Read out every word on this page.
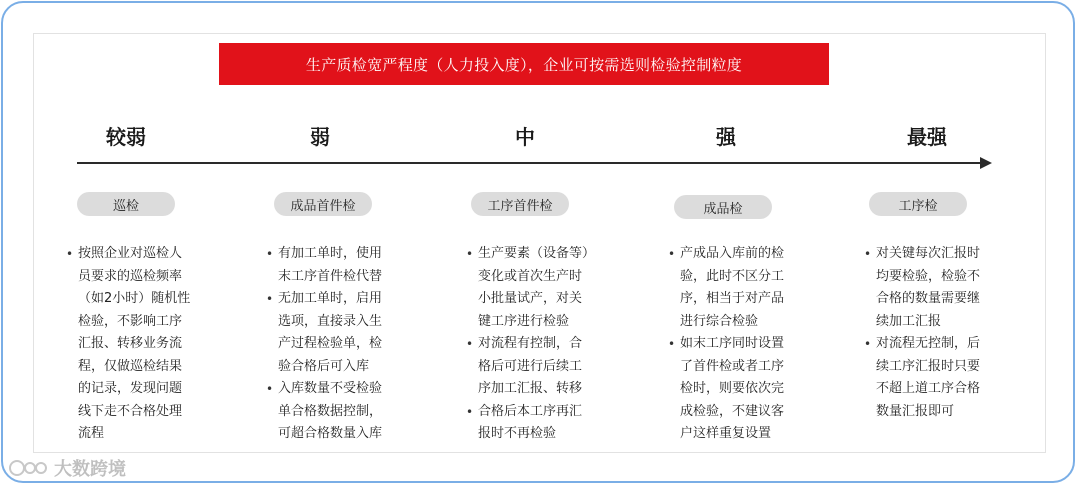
生产质检宽严程度（人力投入度），企业可按需选则检验控制粒度
较弱	弱	中	强	最强
巡检	成品首件检	工序首件检	成品检	工序检
• 按照企业对巡检人员要求的巡检频率（如2小时）随机性检验，不影响工序汇报、转移业务流程，仅做巡检结果的记录，发现问题线下走不合格处理流程
• 有加工单时，使用末工序首件检代替
• 无加工单时，启用选项，直接录入生产过程检验单，检验合格后可入库
• 入库数量不受检验单合格数据控制，可超合格数量入库
• 生产要素（设备等）变化或首次生产时小批量试产，对关键工序进行检验
• 对流程有控制，合格后可进行后续工序加工汇报、转移
• 合格后本工序再汇报时不再检验
• 产成品入库前的检验，此时不区分工序，相当于对产品进行综合检验
• 如末工序同时设置了首件检或者工序检时，则要依次完成检验，不建议客户这样重复设置
• 对关键每次汇报时均要检验，检验不合格的数量需要继续加工汇报
• 对流程无控制，后续工序汇报时只要不超上道工序合格数量汇报即可
大数跨境
